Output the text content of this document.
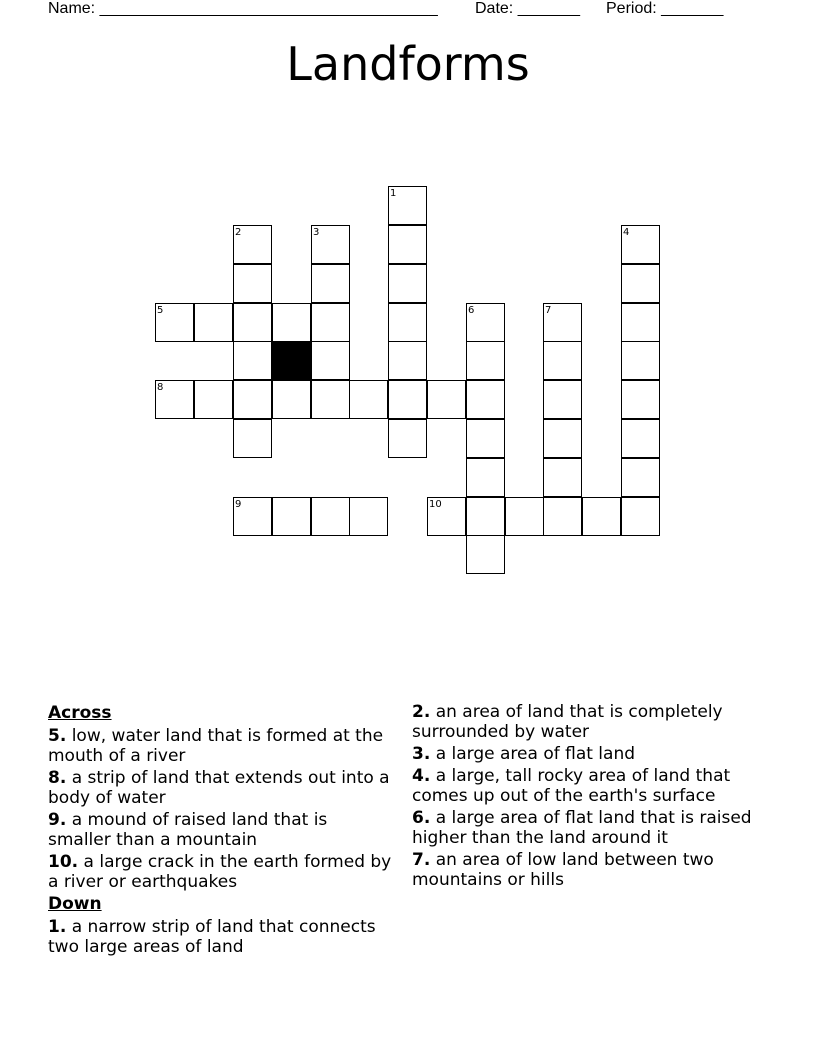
Name: ______________________________________ Date: _______ Period: _______
Landforms
1
2	3	4
5	6	7
8
9	10
Across
5. low, water land that is formed at the mouth of a river
8. a strip of land that extends out into a body of water
9. a mound of raised land that is smaller than a mountain
10. a large crack in the earth formed by a river or earthquakes
Down
1. a narrow strip of land that connects two large areas of land
2. an area of land that is completely surrounded by water
3. a large area of flat land
4. a large, tall rocky area of land that comes up out of the earth's surface
6. a large area of flat land that is raised higher than the land around it
7. an area of low land between two mountains or hills
